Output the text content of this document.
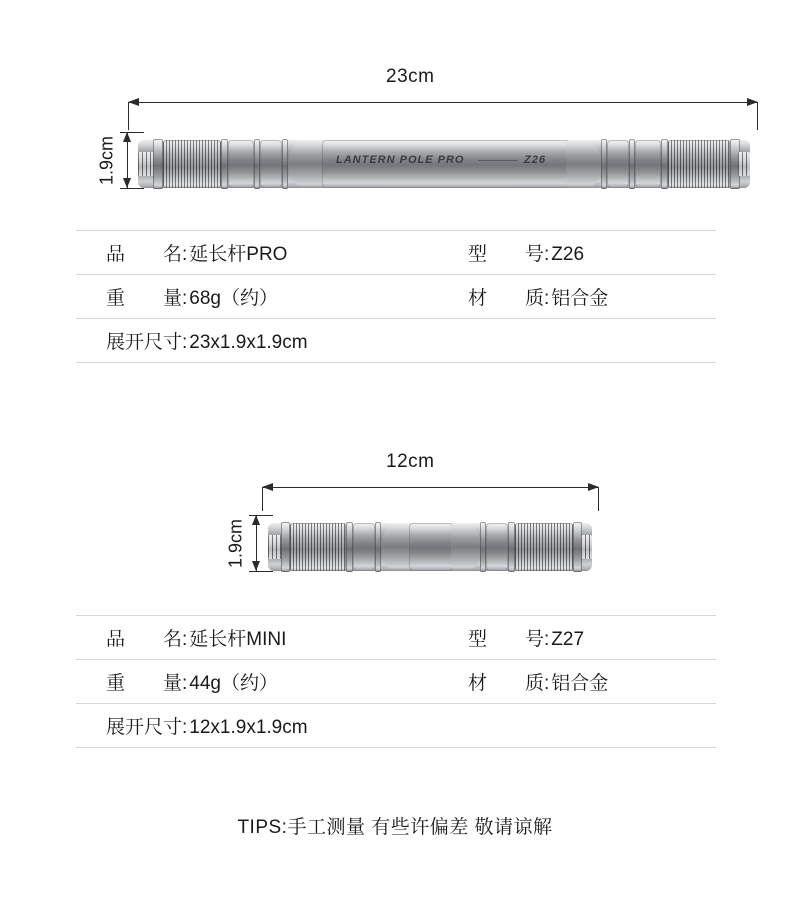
23cm
1.9cm	LANTERN POLE PRO	Z26
品　　名: 延长杆PRO	型　　号: Z26
重　　量: 68g（约）	材　　质: 铝合金
展开尺寸: 23x1.9x1.9cm
12cm
1.9cm
品　　名: 延长杆MINI	型　　号: Z27
重　　量: 44g（约）	材　　质: 铝合金
展开尺寸: 12x1.9x1.9cm
TIPS:手工测量 有些许偏差 敬请谅解
